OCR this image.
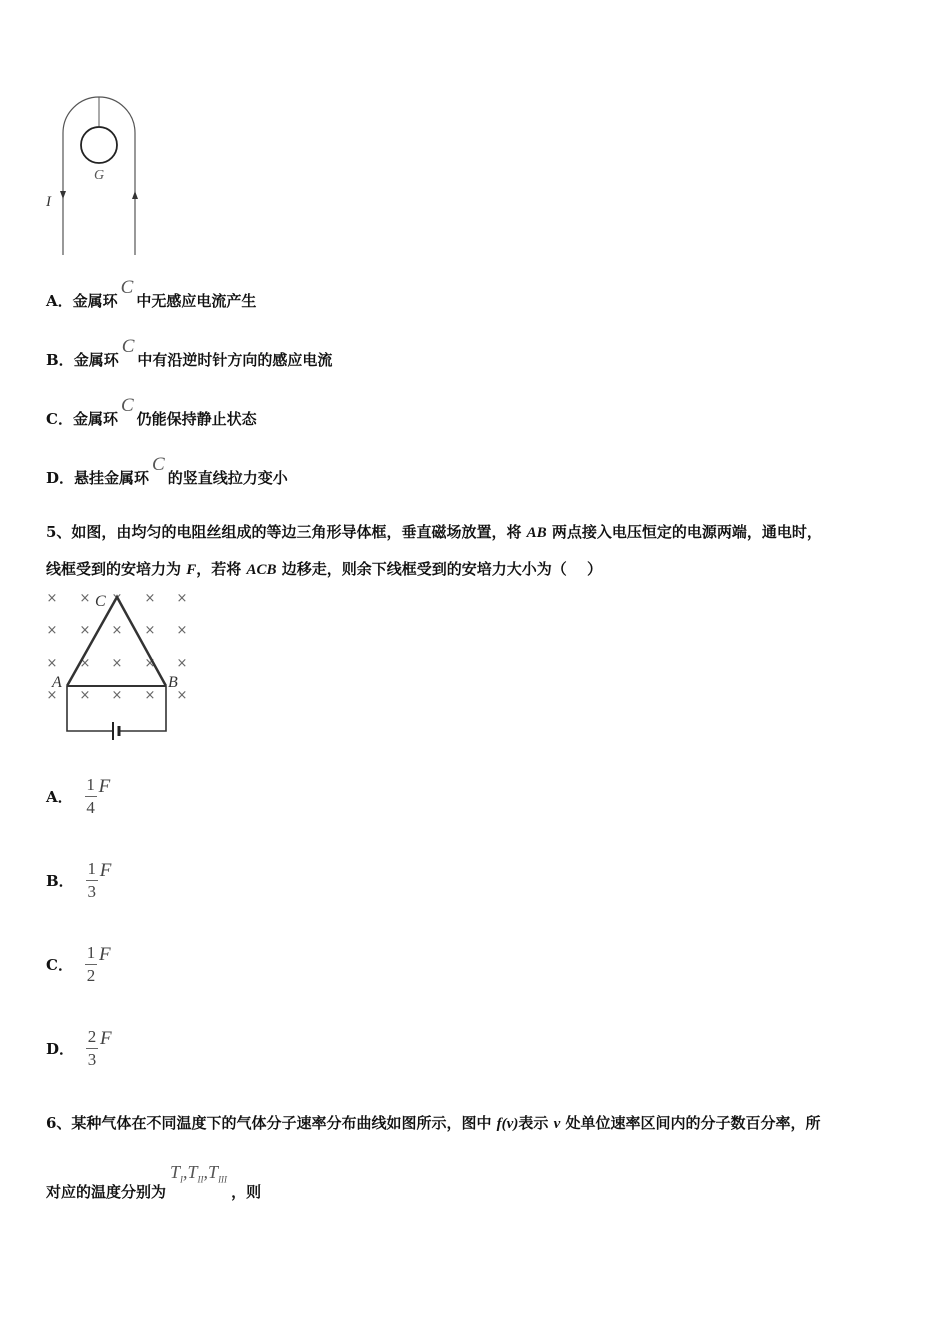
G
I
A． 金属环
C
中无感应电流产生
B． 金属环
C
中有沿逆时针方向的感应电流
C． 金属环
C
仍能保持静止状态
D． 悬挂金属环
C
的竖直线拉力变小
5、如图，由均匀的电阻丝组成的等边三角形导体框，垂直磁场放置，将 AB 两点接入电压恒定的电源两端，通电时，
线框受到的安培力为 F，若将 ACB 边移走，则余下线框受到的安培力大小为（　 ）
× × × × ×
× × × × ×
× × × × ×
× × × × ×
A	B
C
A． $\frac{1}{4}$ F
B． $\frac{1}{3}$ F
C． $\frac{1}{2}$ F
D． $\frac{2}{3}$ F
6、某种气体在不同温度下的气体分子速率分布曲线如图所示，图中 f(v)表示 v 处单位速率区间内的分子数百分率，所
对应的温度分别为
$T_I,T_{II},T_{III}$
，则
